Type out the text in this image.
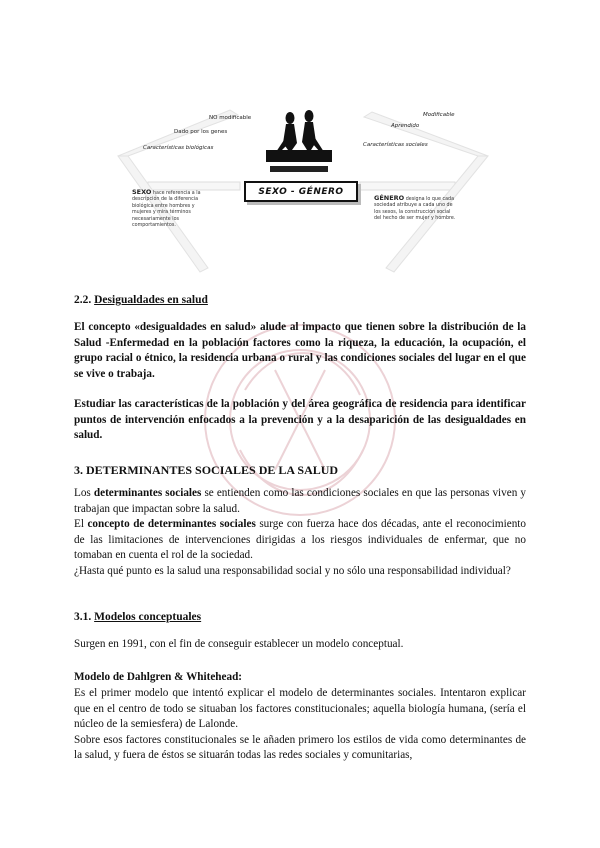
NO modificable
Dado por los genes
Características biológicas
Modificable
Aprendido
Características sociales
SEXO - GÉNERO
SEXO hace referencia a la
descripción de la diferencia
biológica entre hombres y
mujeres y mira términos
necesariamente los
comportamientos.
GÉNERO designa lo que cada
sociedad atribuye a cada uno de
los sexos, la construcción social
del hecho de ser mujer y hombre.
2.2. Desigualdades en salud

El concepto «desigualdades en salud» alude al impacto que tienen sobre la distribución de la Salud -Enfermedad en la población factores como la riqueza, la educación, la ocupación, el grupo racial o étnico, la residencia urbana o rural y las condiciones sociales del lugar en el que se vive o trabaja.

Estudiar las características de la población y del área geográfica de residencia para identificar puntos de intervención enfocados a la prevención y a la desaparición de las desigualdades en salud.

3. DETERMINANTES SOCIALES DE LA SALUD

Los determinantes sociales se entienden como las condiciones sociales en que las personas viven y trabajan que impactan sobre la salud.

El concepto de determinantes sociales surge con fuerza hace dos décadas, ante el reconocimiento de las limitaciones de intervenciones dirigidas a los riesgos individuales de enfermar, que no tomaban en cuenta el rol de la sociedad.

¿Hasta qué punto es la salud una responsabilidad social y no sólo una responsabilidad individual?

3.1. Modelos conceptuales

Surgen en 1991, con el fin de conseguir establecer un modelo conceptual.

Modelo de Dahlgren & Whitehead:

Es el primer modelo que intentó explicar el modelo de determinantes sociales. Intentaron explicar que en el centro de todo se situaban los factores constitucionales; aquella biología humana, (sería el núcleo de la semiesfera) de Lalonde.

Sobre esos factores constitucionales se le añaden primero los estilos de vida como determinantes de la salud, y fuera de éstos se situarán todas las redes sociales y comunitarias,
